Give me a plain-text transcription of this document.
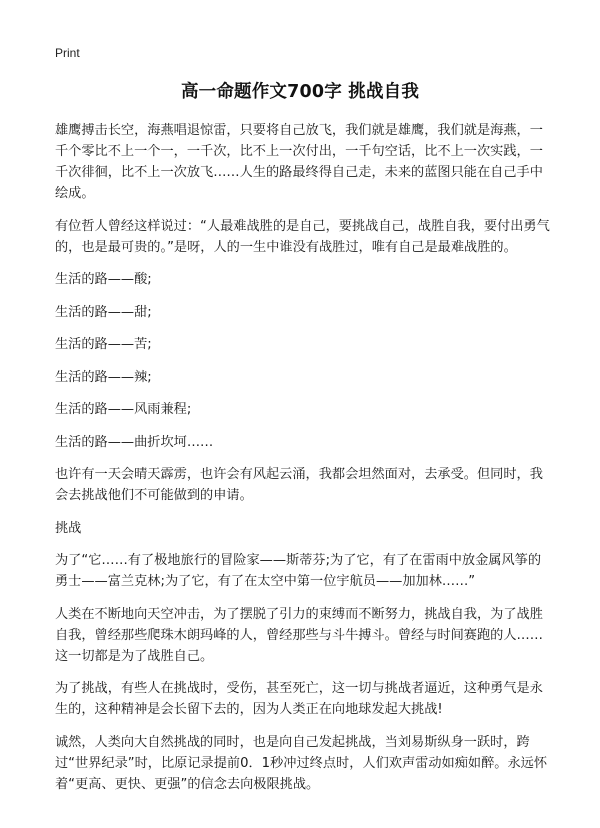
Print
高一命题作文700字 挑战自我

雄鹰搏击长空，海燕唱退惊雷，只要将自己放飞，我们就是雄鹰，我们就是海燕，一千个零比不上一个一，一千次，比不上一次付出，一千句空话，比不上一次实践，一千次徘徊，比不上一次放飞……人生的路最终得自己走，未来的蓝图只能在自己手中绘成。

有位哲人曾经这样说过：“人最难战胜的是自己，要挑战自己，战胜自我，要付出勇气的，也是最可贵的。”是呀，人的一生中谁没有战胜过，唯有自己是最难战胜的。

生活的路——酸;

生活的路——甜;

生活的路——苦;

生活的路——辣;

生活的路——风雨兼程;

生活的路——曲折坎坷……

也许有一天会晴天霹雳，也许会有风起云涌，我都会坦然面对，去承受。但同时，我会去挑战他们不可能做到的申请。

挑战

为了“它……有了极地旅行的冒险家——斯蒂芬;为了它，有了在雷雨中放金属风筝的勇士——富兰克林;为了它，有了在太空中第一位宇航员——加加林……”

人类在不断地向天空冲击，为了摆脱了引力的束缚而不断努力，挑战自我，为了战胜自我，曾经那些爬珠木朗玛峰的人，曾经那些与斗牛搏斗。曾经与时间赛跑的人……这一切都是为了战胜自己。

为了挑战，有些人在挑战时，受伤，甚至死亡，这一切与挑战者逼近，这种勇气是永生的，这种精神是会长留下去的，因为人类正在向地球发起大挑战!

诚然，人类向大自然挑战的同时，也是向自己发起挑战，当刘易斯纵身一跃时，跨过“世界纪录”时，比原记录提前0．1秒冲过终点时，人们欢声雷动如痴如醉。永远怀着“更高、更快、更强”的信念去向极限挑战。
